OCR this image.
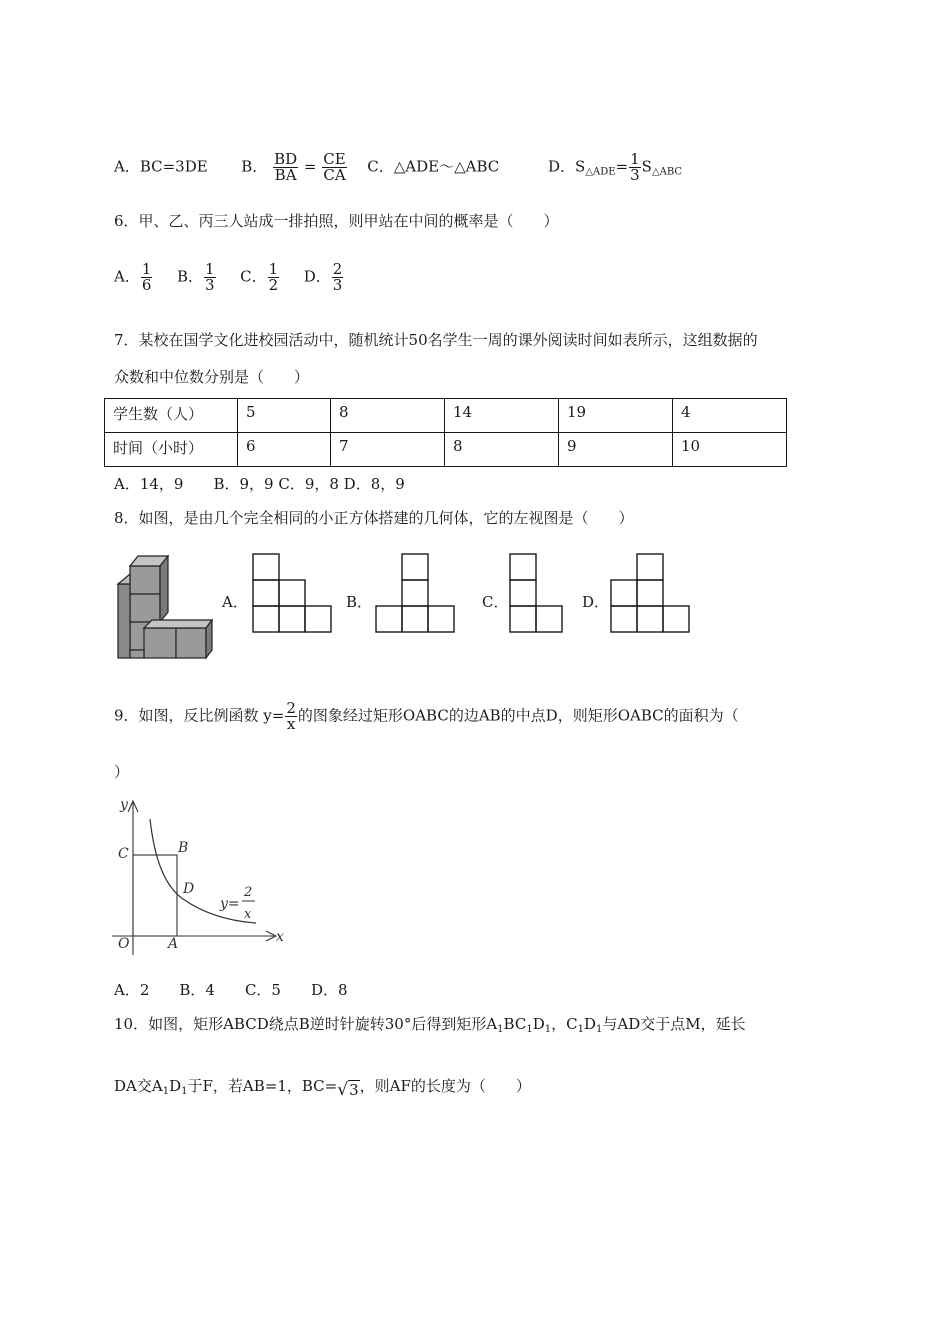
A．BC=3DE B． $\frac{BD}{BA} = \frac{CE}{CA}$ C．△ADE～△ABC	D．$S_{\triangle ADE}= \frac{1}{3} S_{\triangle ABC}$
6．甲、乙、丙三人站成一排拍照，则甲站在中间的概率是（　　）
A． $\frac{1}{6}$ B． $\frac{1}{3}$ C． $\frac{1}{2}$ D． $\frac{2}{3}$
7．某校在国学文化进校园活动中，随机统计50名学生一周的课外阅读时间如表所示，这组数据的
众数和中位数分别是（　　）
学生数（人）	5	8	14	19	4
时间（小时）	6	7	8	9	10
A．14，9　　B．9，9 C．9，8 D．8，9
8．如图，是由几个完全相同的小正方体搭建的几何体，它的左视图是（　　）
A．	B．	C．	D．
9．如图，反比例函数 $y= \frac{2}{x}$ 的图象经过矩形OABC的边AB的中点D，则矩形OABC的面积为（
）
y
x
O	A
B
C
D
y=
2
x
A．2　　B．4　　C．5　　D．8
10．如图，矩形ABCD绕点B逆时针旋转30°后得到矩形$A_1BC_1D_1$，$C_1D_1$与AD交于点M，延长
DA交$A_1D_1$于F，若AB=1，BC=√3，则AF的长度为（　　）
